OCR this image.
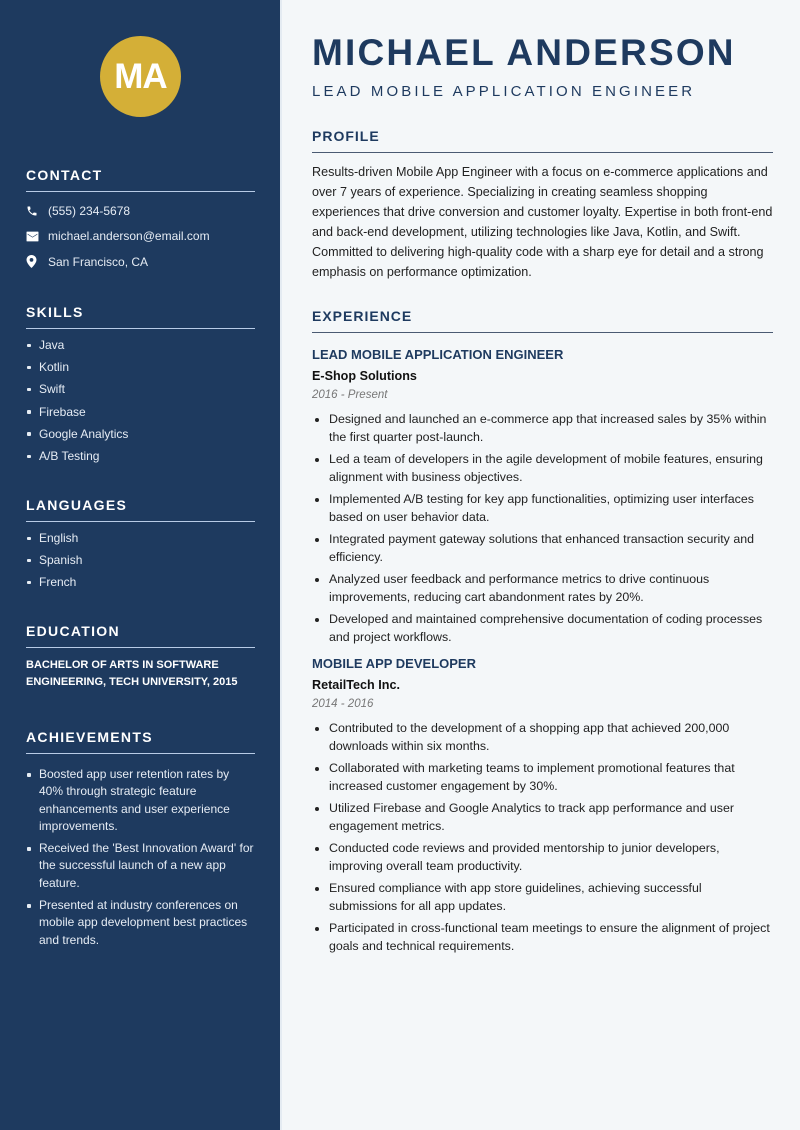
MA
CONTACT
(555) 234-5678
michael.anderson@email.com
San Francisco, CA
SKILLS
Java
Kotlin
Swift
Firebase
Google Analytics
A/B Testing
LANGUAGES
English
Spanish
French
EDUCATION

BACHELOR OF ARTS IN SOFTWARE ENGINEERING, TECH UNIVERSITY, 2015

ACHIEVEMENTS
Boosted app user retention rates by 40% through strategic feature enhancements and user experience improvements.
Received the 'Best Innovation Award' for the successful launch of a new app feature.
Presented at industry conferences on mobile app development best practices and trends.
MICHAEL ANDERSON
LEAD MOBILE APPLICATION ENGINEER
PROFILE

Results-driven Mobile App Engineer with a focus on e-commerce applications and over 7 years of experience. Specializing in creating seamless shopping experiences that drive conversion and customer loyalty. Expertise in both front-end and back-end development, utilizing technologies like Java, Kotlin, and Swift. Committed to delivering high-quality code with a sharp eye for detail and a strong emphasis on performance optimization.

EXPERIENCE
LEAD MOBILE APPLICATION ENGINEER
E-Shop Solutions
2016 - Present
Designed and launched an e-commerce app that increased sales by 35% within the first quarter post-launch.
Led a team of developers in the agile development of mobile features, ensuring alignment with business objectives.
Implemented A/B testing for key app functionalities, optimizing user interfaces based on user behavior data.
Integrated payment gateway solutions that enhanced transaction security and efficiency.
Analyzed user feedback and performance metrics to drive continuous improvements, reducing cart abandonment rates by 20%.
Developed and maintained comprehensive documentation of coding processes and project workflows.
MOBILE APP DEVELOPER
RetailTech Inc.
2014 - 2016
Contributed to the development of a shopping app that achieved 200,000 downloads within six months.
Collaborated with marketing teams to implement promotional features that increased customer engagement by 30%.
Utilized Firebase and Google Analytics to track app performance and user engagement metrics.
Conducted code reviews and provided mentorship to junior developers, improving overall team productivity.
Ensured compliance with app store guidelines, achieving successful submissions for all app updates.
Participated in cross-functional team meetings to ensure the alignment of project goals and technical requirements.
